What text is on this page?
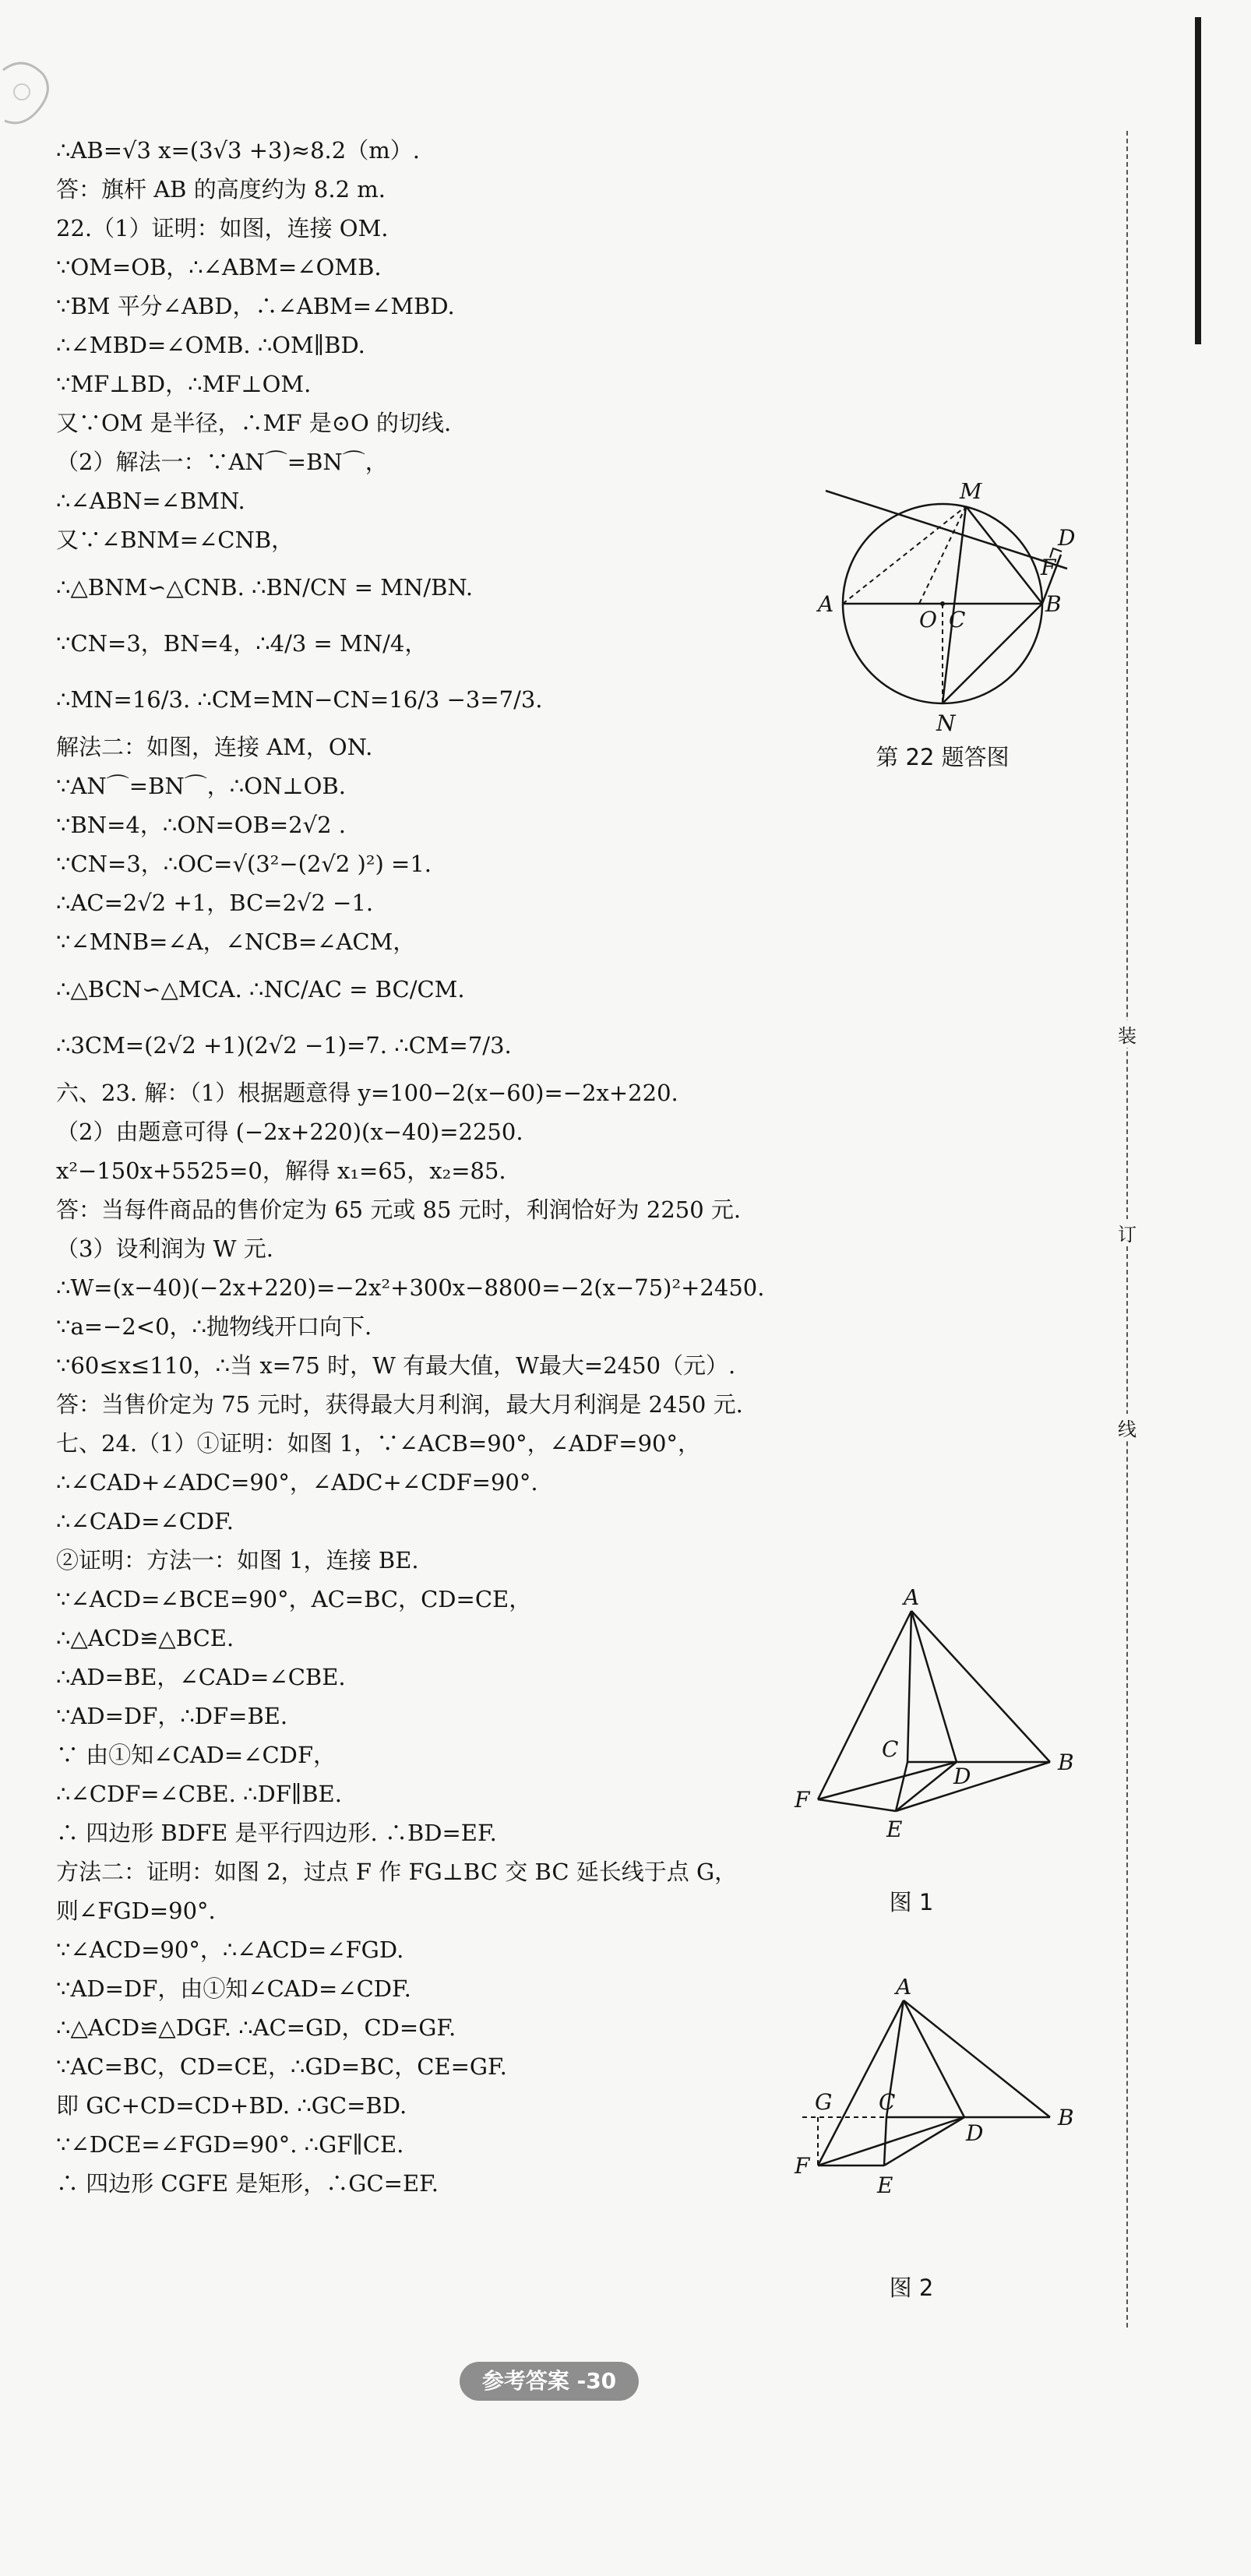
装
订
线
∴AB=√3 x=(3√3 +3)≈8.2（m）.
答：旗杆 AB 的高度约为 8.2 m.
22.（1）证明：如图，连接 OM.
∵OM=OB，∴∠ABM=∠OMB.
∵BM 平分∠ABD，∴∠ABM=∠MBD.
∴∠MBD=∠OMB. ∴OM∥BD.
∵MF⊥BD，∴MF⊥OM.
又∵OM 是半径，∴MF 是⊙O 的切线.
（2）解法一：∵AN⌒=BN⌒，
∴∠ABN=∠BMN.
又∵∠BNM=∠CNB，
∴△BNM∽△CNB. ∴BN/CN = MN/BN.
∵CN=3，BN=4，∴4/3 = MN/4，
∴MN=16/3. ∴CM=MN−CN=16/3 −3=7/3.
解法二：如图，连接 AM，ON.
∵AN⌒=BN⌒，∴ON⊥OB.
∵BN=4，∴ON=OB=2√2 .
∵CN=3，∴OC=√(3²−(2√2 )²) =1.
∴AC=2√2 +1，BC=2√2 −1.
∵∠MNB=∠A，∠NCB=∠ACM，
∴△BCN∽△MCA. ∴NC/AC = BC/CM.
∴3CM=(2√2 +1)(2√2 −1)=7. ∴CM=7/3.
六、23. 解：（1）根据题意得 y=100−2(x−60)=−2x+220.
（2）由题意可得 (−2x+220)(x−40)=2250.
x²−150x+5525=0，解得 x₁=65，x₂=85.
答：当每件商品的售价定为 65 元或 85 元时，利润恰好为 2250 元.
（3）设利润为 W 元.
∴W=(x−40)(−2x+220)=−2x²+300x−8800=−2(x−75)²+2450.
∵a=−2<0，∴抛物线开口向下.
∵60≤x≤110，∴当 x=75 时，W 有最大值，W最大=2450（元）.
答：当售价定为 75 元时，获得最大月利润，最大月利润是 2450 元.
七、24.（1）①证明：如图 1，∵∠ACB=90°，∠ADF=90°，
∴∠CAD+∠ADC=90°，∠ADC+∠CDF=90°.
∴∠CAD=∠CDF.
②证明：方法一：如图 1，连接 BE.
∵∠ACD=∠BCE=90°，AC=BC，CD=CE，
∴△ACD≌△BCE.
∴AD=BE，∠CAD=∠CBE.
∵AD=DF，∴DF=BE.
∵ 由①知∠CAD=∠CDF，
∴∠CDF=∠CBE. ∴DF∥BE.
∴ 四边形 BDFE 是平行四边形. ∴BD=EF.
方法二：证明：如图 2，过点 F 作 FG⊥BC 交 BC 延长线于点 G，
则∠FGD=90°.
∵∠ACD=90°，∴∠ACD=∠FGD.
∵AD=DF，由①知∠CAD=∠CDF.
∴△ACD≌△DGF. ∴AC=GD，CD=GF.
∵AC=BC，CD=CE，∴GD=BC，CE=GF.
即 GC+CD=CD+BD. ∴GC=BD.
∵∠DCE=∠FGD=90°. ∴GF∥CE.
∴ 四边形 CGFE 是矩形，∴GC=EF.
M
D
F
A
O C
B
N
第 22 题答图
A
C
D
B
F
E
图 1
A
G C
D
B
F
E
图 2
参考答案 -30
